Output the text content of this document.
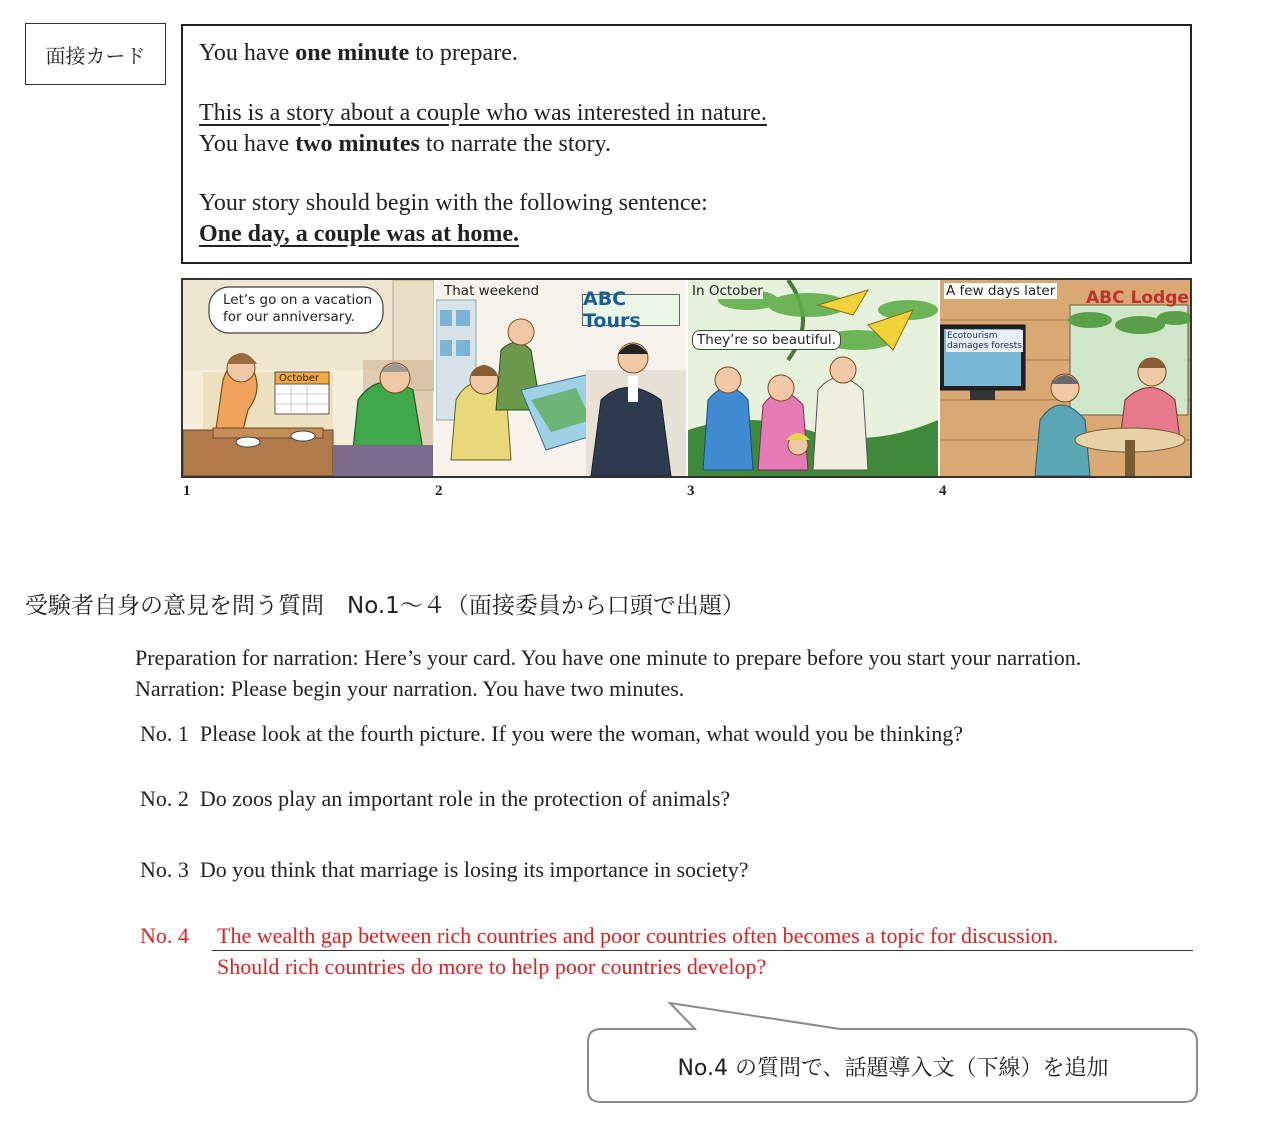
面接カード	You have one minute to prepare.
This is a story about a couple who was interested in nature.
You have two minutes to narrate the story.
Your story should begin with the following sentence:
One day, a couple was at home.
Let’s go on a vacation
for our anniversary.
October
That weekend ABC Tours
In October
They’re so beautiful.
A few days later ABC Lodge
Ecotourism
damages forests
1	2	3	4
受験者自身の意見を問う質問　No.1～４（面接委員から口頭で出題）
Preparation for narration: Here’s your card. You have one minute to prepare before you start your narration.
Narration: Please begin your narration. You have two minutes.
No. 1 Please look at the fourth picture. If you were the woman, what would you be thinking?
No. 2 Do zoos play an important role in the protection of animals?
No. 3 Do you think that marriage is losing its importance in society?
No. 4 The wealth gap between rich countries and poor countries often becomes a topic for discussion.
Should rich countries do more to help poor countries develop?
No.4 の質問で、話題導入文（下線）を追加
